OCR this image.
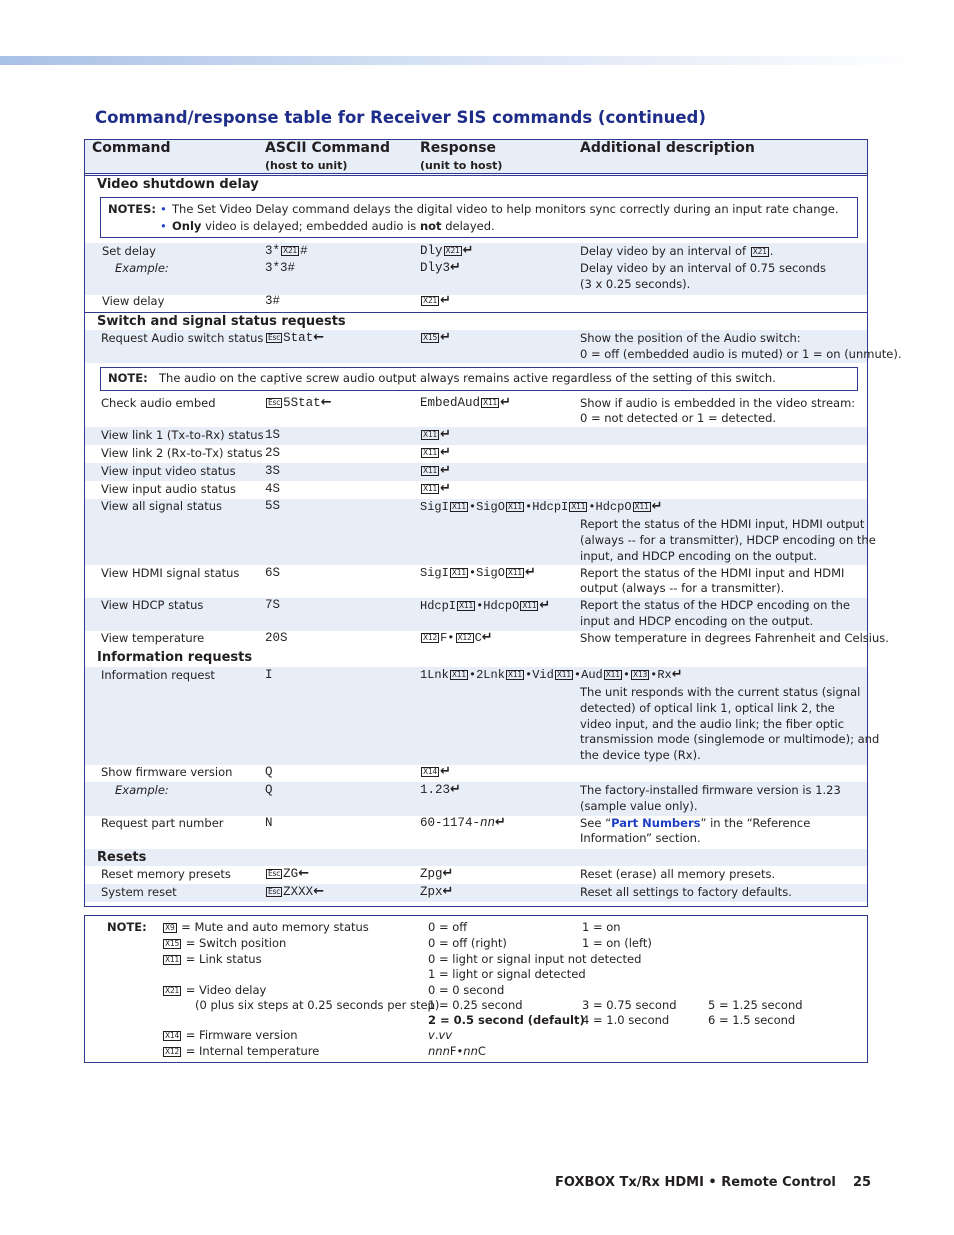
Command/response table for Receiver SIS commands (continued)
Command	ASCII Command
(host to unit)
Response
(unit to host)
Additional description
Video shutdown delay
NOTES: • The Set Video Delay command delays the digital video to help monitors sync correctly during an input rate change.
• Only video is delayed; embedded audio is not delayed.
Set delay	3* X21 #	Dly X21 ↵	Delay video by an interval of X21 .
Example:	3*3#	Dly3↵	Delay video by an interval of 0.75 seconds
(3 x 0.25 seconds).
View delay	3#	X21 ↵
Switch and signal status requests
Request Audio switch status Esc Stat←	X15 ↵	Show the position of the Audio switch:
0 = off (embedded audio is muted) or 1 = on (unmute).
NOTE: The audio on the captive screw audio output always remains active regardless of the setting of this switch.
Check audio embed	Esc 5Stat←	EmbedAud X11 ↵	Show if audio is embedded in the video stream:
0 = not detected or 1 = detected.
View link 1 (Tx-to-Rx) status 1S	X11 ↵
View link 2 (Rx-to-Tx) status 2S	X11 ↵
View input video status 3S	X11 ↵
View input audio status 4S	X11 ↵
View all signal status	5S	SigI X11 •SigO X11 •HdcpI X11 •HdcpO X11 ↵
Report the status of the HDMI input, HDMI output
(always -- for a transmitter), HDCP encoding on the
input, and HDCP encoding on the output.
View HDMI signal status 6S	SigI X11 •SigO X11 ↵	Report the status of the HDMI input and HDMI
output (always -- for a transmitter).
View HDCP status	7S	HdcpI X11 •HdcpO X11 ↵	Report the status of the HDCP encoding on the
input and HDCP encoding on the output.
View temperature	20S	X12 F• X12 C↵	Show temperature in degrees Fahrenheit and Celsius.
Information requests
Information request	I	1Lnk X11 •2Lnk X11 •Vid X11 •Aud X11 • X13 •Rx↵
The unit responds with the current status (signal
detected) of optical link 1, optical link 2, the
video input, and the audio link; the fiber optic
transmission mode (singlemode or multimode); and
the device type (Rx).
Show firmware version	Q	X14 ↵
Example:	Q	1.23↵	The factory-installed firmware version is 1.23
(sample value only).
Request part number	N	60-1174-nn↵	See “Part Numbers” in the “Reference
Information” section.
Resets
Reset memory presets	Esc ZG←	Zpg↵	Reset (erase) all memory presets.
System reset	Esc ZXXX←	Zpx↵	Reset all settings to factory defaults.
NOTE:	X9 = Mute and auto memory status	0 = off	1 = on
X15 = Switch position	0 = off (right)	1 = on (left)
X11 = Link status	0 = light or signal input not detected
1 = light or signal detected
X21 = Video delay
(0 plus six steps at 0.25 seconds per step)
0 = 0 second
1 = 0.25 second
2 = 0.5 second (default)
3 = 0.75 second
4 = 1.0 second
5 = 1.25 second
6 = 1.5 second
X14 = Firmware version	v.vv
X12 = Internal temperature	nnnF•nnC
FOXBOX Tx/Rx HDMI • Remote Control 25
